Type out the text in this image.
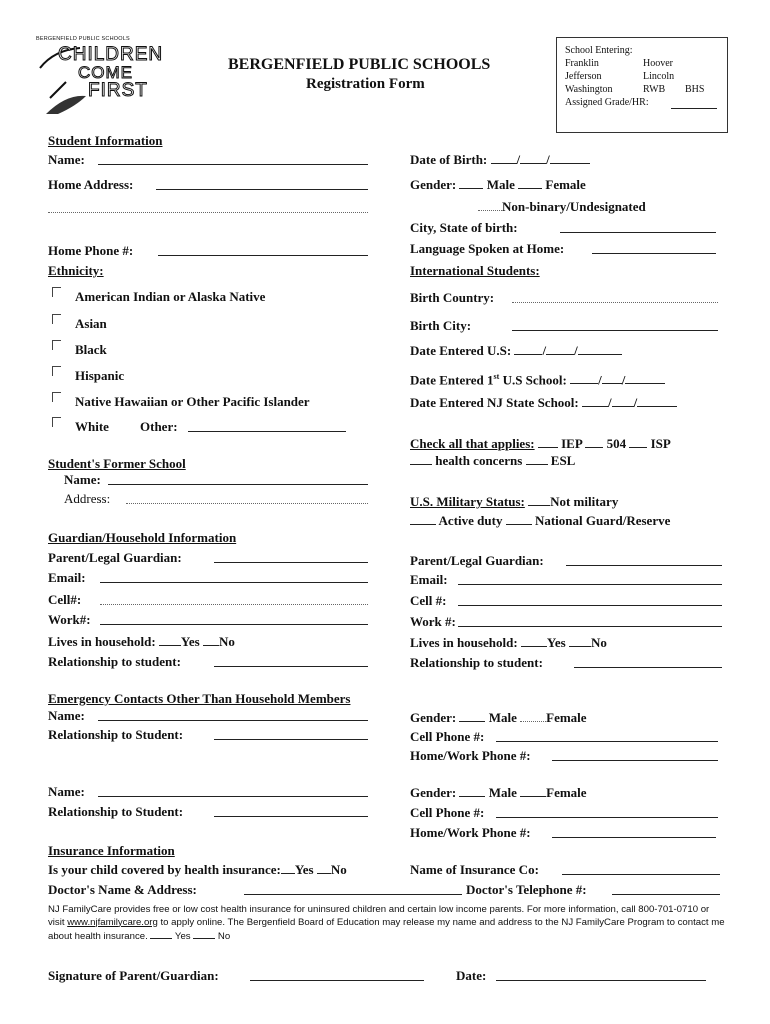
BERGENFIELD PUBLIC SCHOOLS
CHILDREN
COME
FIRST
BERGENFIELD PUBLIC SCHOOLS
Registration Form
School Entering:
Franklin	Hoover
Jefferson	Lincoln
Washington	RWB BHS
Assigned Grade/HR:
Student Information
Name:
Home Address:
Home Phone #:
Ethnicity:
American Indian or Alaska Native
Asian
Black
Hispanic
Native Hawaiian or Other Pacific Islander
White Other:
Student's Former School
Name:
Address:
Guardian/Household Information
Parent/Legal Guardian:
Email:
Cell#:
Work#:
Lives in household: Yes No
Relationship to student:
Emergency Contacts Other Than Household Members
Name:
Relationship to Student:
Name:
Relationship to Student:
Insurance Information
Is your child covered by health insurance: Yes No
Doctor's Name & Address:
NJ FamilyCare provides free or low cost health insurance for uninsured children and certain low income parents. For more information, call 800-701-0710 or visit www.njfamilycare.org to apply online. The Bergenfield Board of Education may release my name and address to the NJ FamilyCare Program to contact me about health insurance.	Yes	No
Signature of Parent/Guardian:
Date of Birth: / /
Gender: Male Female
Non-binary/Undesignated
City, State of birth:
Language Spoken at Home:
International Students:
Birth Country:
Birth City:
Date Entered U.S: / /
Date Entered 1st U.S School: / /
Date Entered NJ State School: / /
Check all that applies: IEP 504 ISP
health concerns ESL
U.S. Military Status: Not military
Active duty	National Guard/Reserve
Parent/Legal Guardian:
Email:
Cell #:
Work #:
Lives in household: Yes No
Relationship to student:
Gender:	Male Female
Cell Phone #:
Home/Work Phone #:
Gender:	Male Female
Cell Phone #:
Home/Work Phone #:
Name of Insurance Co:
Doctor's Telephone #:
Date:
